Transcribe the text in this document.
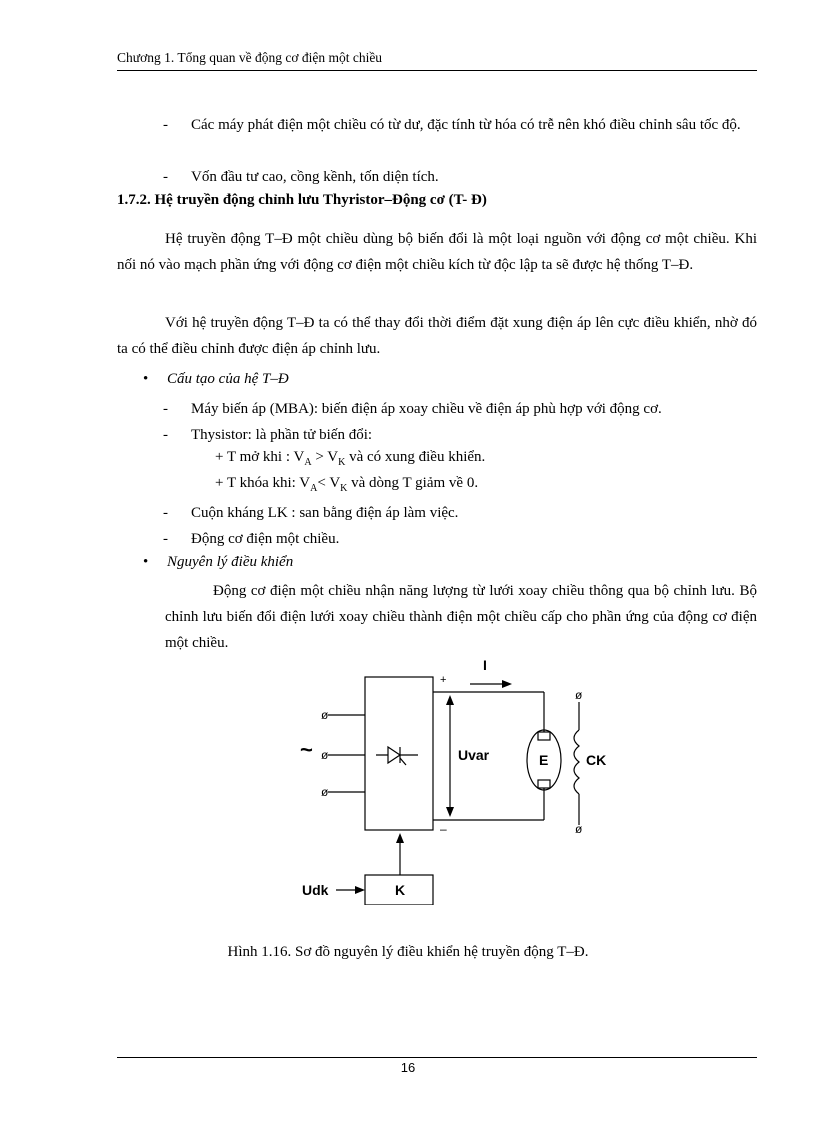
Chương 1. Tổng quan về động cơ điện một chiều
- Các máy phát điện một chiều có từ dư, đặc tính từ hóa có trễ nên khó điều chỉnh sâu tốc độ.
- Vốn đầu tư cao, cồng kềnh, tốn diện tích.
1.7.2. Hệ truyền động chỉnh lưu Thyristor–Động cơ (T- Đ)
Hệ truyền động T–Đ một chiều dùng bộ biến đổi là một loại nguồn với động cơ một chiều. Khi nối nó vào mạch phần ứng với động cơ điện một chiều kích từ độc lập ta sẽ được hệ thống T–Đ.
Với hệ truyền động T–Đ ta có thể thay đổi thời điểm đặt xung điện áp lên cực điều khiển, nhờ đó ta có thể điều chỉnh được điện áp chỉnh lưu.
• Cấu tạo của hệ T–Đ
- Máy biến áp (MBA): biến điện áp xoay chiều về điện áp phù hợp với động cơ.
- Thysistor: là phần tử biến đổi:
+ T mở khi : $V_A > V_K$ và có xung điều khiển.
+ T khóa khi: $V_A< V_K$ và dòng T giảm về 0.
- Cuộn kháng LK : san bằng điện áp làm việc.
- Động cơ điện một chiều.
• Nguyên lý điều khiển
Động cơ điện một chiều nhận năng lượng từ lưới xoay chiều thông qua bộ chỉnh lưu. Bộ chỉnh lưu biến đổi điện lưới xoay chiều thành điện một chiều cấp cho phần ứng của động cơ điện một chiều.
ø
ø
ø
ø
ø
~
I
+
–
Uvar	E	CK
Udk	K
Hình 1.16. Sơ đồ nguyên lý điều khiển hệ truyền động T–Đ.
16
